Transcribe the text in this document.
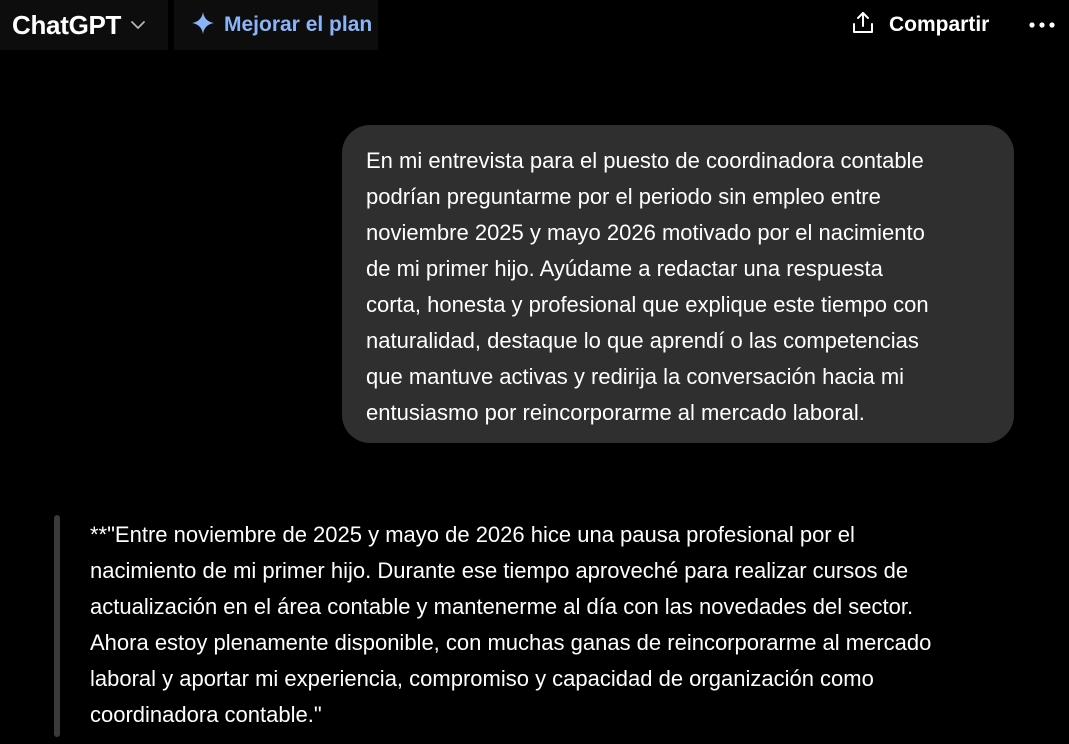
ChatGPT	Mejorar el plan	Compartir

En mi entrevista para el puesto de coordinadora contable
podrían preguntarme por el periodo sin empleo entre
noviembre 2025 y mayo 2026 motivado por el nacimiento
de mi primer hijo. Ayúdame a redactar una respuesta
corta, honesta y profesional que explique este tiempo con
naturalidad, destaque lo que aprendí o las competencias
que mantuve activas y redirija la conversación hacia mi
entusiasmo por reincorporarme al mercado laboral.

**"Entre noviembre de 2025 y mayo de 2026 hice una pausa profesional por el
nacimiento de mi primer hijo. Durante ese tiempo aproveché para realizar cursos de
actualización en el área contable y mantenerme al día con las novedades del sector.
Ahora estoy plenamente disponible, con muchas ganas de reincorporarme al mercado
laboral y aportar mi experiencia, compromiso y capacidad de organización como
coordinadora contable."
